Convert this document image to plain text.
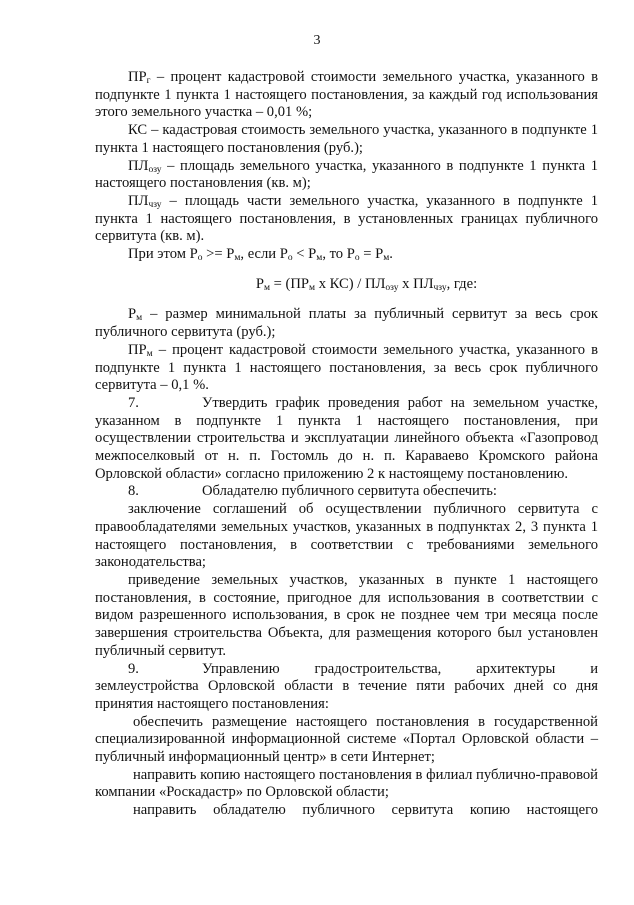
3

$ПР_г$ – процент кадастровой стоимости земельного участка, указанного в подпункте 1 пункта 1 настоящего постановления, за каждый год использования этого земельного участка – 0,01 %;

КС – кадастровая стоимость земельного участка, указанного в подпункте 1 пункта 1 настоящего постановления (руб.);

$ПЛ_{озу}$ – площадь земельного участка, указанного в подпункте 1 пункта 1 настоящего постановления (кв. м);

$ПЛ_{чзу}$ – площадь части земельного участка, указанного в подпункте 1 пункта 1 настоящего постановления, в установленных границах публичного сервитута (кв. м).

При этом $Р_о >= Р_м$, если $Р_о < Р_м$, то $Р_о = Р_м$.

$Р_м = (ПР_м$ х $КС) / ПЛ_{озу}$ х $ПЛ_{чзу}$, где:

$Р_м$ – размер минимальной платы за публичный сервитут за весь срок публичного сервитута (руб.);

$ПР_м$ – процент кадастровой стоимости земельного участка, указанного в подпункте 1 пункта 1 настоящего постановления, за весь срок публичного сервитута – 0,1 %.

7.	Утвердить график проведения работ на земельном участке, указанном в подпункте 1 пункта 1 настоящего постановления, при осуществлении строительства и эксплуатации линейного объекта «Газопровод межпоселковый от н. п. Гостомль до н. п. Караваево Кромского района Орловской области» согласно приложению 2 к настоящему постановлению.

8.	Обладателю публичного сервитута обеспечить:

заключение соглашений об осуществлении публичного сервитута с правообладателями земельных участков, указанных в подпунктах 2, 3 пункта 1 настоящего постановления, в соответствии с требованиями земельного законодательства;

приведение земельных участков, указанных в пункте 1 настоящего постановления, в состояние, пригодное для использования в соответствии с видом разрешенного использования, в срок не позднее чем три месяца после завершения строительства Объекта, для размещения которого был установлен публичный сервитут.

9.	Управлению градостроительства, архитектуры и землеустройства Орловской области в течение пяти рабочих дней со дня принятия настоящего постановления:

обеспечить размещение настоящего постановления в государственной специализированной информационной системе «Портал Орловской области – публичный информационный центр» в сети Интернет;

направить копию настоящего постановления в филиал публично-правовой компании «Роскадастр» по Орловской области;

направить обладателю публичного сервитута копию настоящего
